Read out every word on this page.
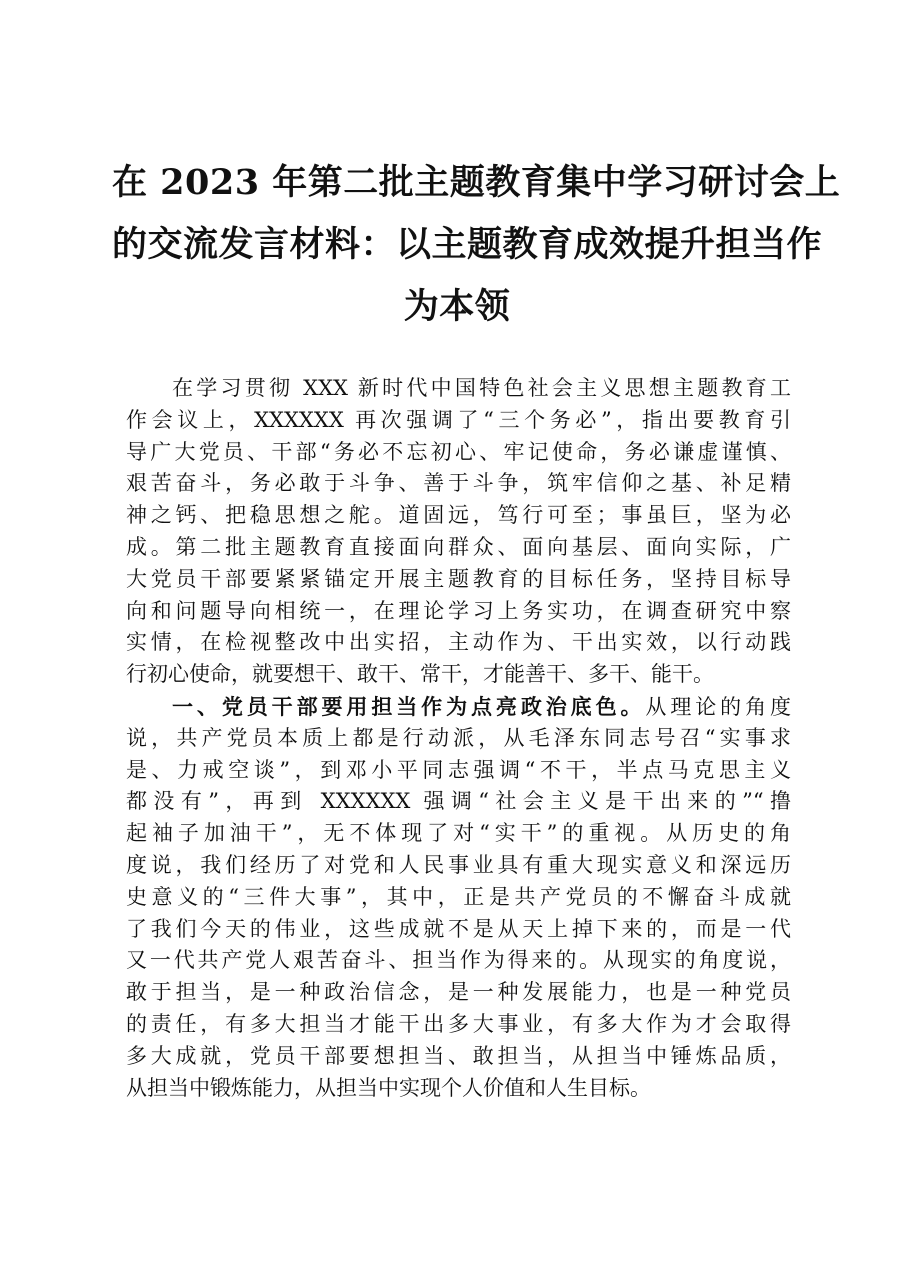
在 2023 年第二批主题教育集中学习研讨会上
的交流发言材料：以主题教育成效提升担当作
为本领
在学习贯彻 XXX 新时代中国特色社会主义思想主题教育工
作会议上，XXXXXX 再次强调了“三个务必”，指出要教育引
导广大党员、干部“务必不忘初心、牢记使命，务必谦虚谨慎、
艰苦奋斗，务必敢于斗争、善于斗争，筑牢信仰之基、补足精
神之钙、把稳思想之舵。道固远，笃行可至；事虽巨，坚为必
成。第二批主题教育直接面向群众、面向基层、面向实际，广
大党员干部要紧紧锚定开展主题教育的目标任务，坚持目标导
向和问题导向相统一，在理论学习上务实功，在调查研究中察
实情，在检视整改中出实招，主动作为、干出实效，以行动践
行初心使命，就要想干、敢干、常干，才能善干、多干、能干。
一、党员干部要用担当作为点亮政治底色。从理论的角度
说，共产党员本质上都是行动派，从毛泽东同志号召“实事求
是、力戒空谈”，到邓小平同志强调“不干，半点马克思主义
都没有”，再到 XXXXXX 强调“社会主义是干出来的”“撸
起袖子加油干”，无不体现了对“实干”的重视。从历史的角
度说，我们经历了对党和人民事业具有重大现实意义和深远历
史意义的“三件大事”，其中，正是共产党员的不懈奋斗成就
了我们今天的伟业，这些成就不是从天上掉下来的，而是一代
又一代共产党人艰苦奋斗、担当作为得来的。从现实的角度说，
敢于担当，是一种政治信念，是一种发展能力，也是一种党员
的责任，有多大担当才能干出多大事业，有多大作为才会取得
多大成就，党员干部要想担当、敢担当，从担当中锤炼品质，
从担当中锻炼能力，从担当中实现个人价值和人生目标。
